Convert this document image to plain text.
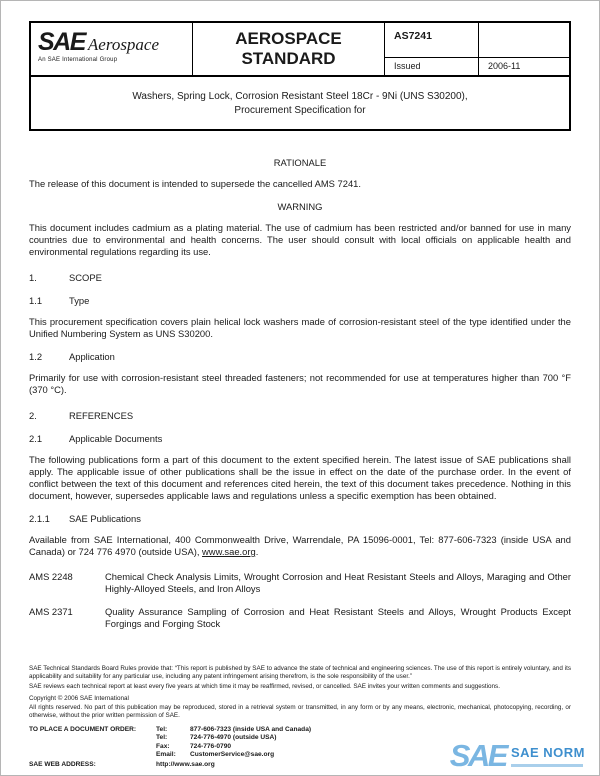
SAE Aerospace
An SAE International Group
AEROSPACE STANDARD
AS7241
Issued	2006-11
Washers, Spring Lock, Corrosion Resistant Steel 18Cr - 9Ni (UNS S30200),
Procurement Specification for
RATIONALE

The release of this document is intended to supersede the cancelled AMS 7241.

WARNING

This document includes cadmium as a plating material. The use of cadmium has been restricted and/or banned for use in many countries due to environmental and health concerns. The user should consult with local officials on applicable health and environmental regulations regarding its use.

1.	SCOPE
1.1	Type

This procurement specification covers plain helical lock washers made of corrosion-resistant steel of the type identified under the Unified Numbering System as UNS S30200.

1.2	Application

Primarily for use with corrosion-resistant steel threaded fasteners; not recommended for use at temperatures higher than 700 °F (370 °C).

2.	REFERENCES
2.1	Applicable Documents

The following publications form a part of this document to the extent specified herein. The latest issue of SAE publications shall apply. The applicable issue of other publications shall be the issue in effect on the date of the purchase order. In the event of conflict between the text of this document and references cited herein, the text of this document takes precedence. Nothing in this document, however, supersedes applicable laws and regulations unless a specific exemption has been obtained.

2.1.1	SAE Publications

Available from SAE International, 400 Commonwealth Drive, Warrendale, PA 15096-0001, Tel: 877-606-7323 (inside USA and Canada) or 724 776 4970 (outside USA), www.sae.org.

AMS 2248	Chemical Check Analysis Limits, Wrought Corrosion and Heat Resistant Steels and Alloys, Maraging and Other Highly-Alloyed Steels, and Iron Alloys
AMS 2371	Quality Assurance Sampling of Corrosion and Heat Resistant Steels and Alloys, Wrought Products Except Forgings and Forging Stock
SAE Technical Standards Board Rules provide that: “This report is published by SAE to advance the state of technical and engineering sciences. The use of this report is entirely voluntary, and its applicability and suitability for any particular use, including any patent infringement arising therefrom, is the sole responsibility of the user.”
SAE reviews each technical report at least every five years at which time it may be reaffirmed, revised, or cancelled. SAE invites your written comments and suggestions.
Copyright © 2006 SAE International
All rights reserved. No part of this publication may be reproduced, stored in a retrieval system or transmitted, in any form or by any means, electronic, mechanical, photocopying, recording, or otherwise, without the prior written permission of SAE.
TO PLACE A DOCUMENT ORDER:	Tel:	877-606-7323 (inside USA and Canada)
Tel:	724-776-4970 (outside USA)
Fax:	724-776-0790
Email:	CustomerService@sae.org
SAE WEB ADDRESS:	http://www.sae.org	SAE SAE NORM
